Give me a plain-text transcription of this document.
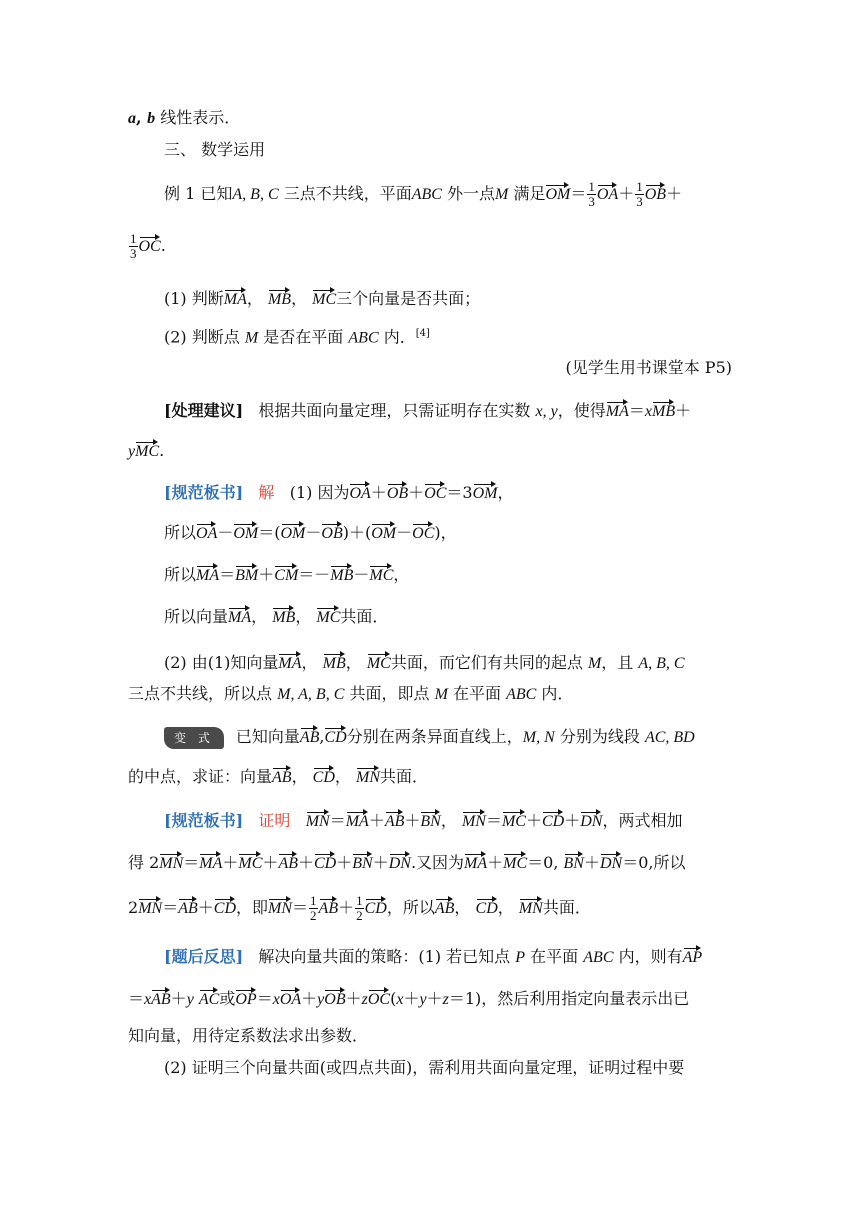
a, b 线性表示．
三、 数学运用
例 1 已知A, B, C 三点不共线，平面ABC 外一点M 满足$OM= \frac{1}{3} OA+ \frac{1}{3} OB+$
$\frac{1}{3}$ OC.
(1) 判断MA， MB， MC三个向量是否共面；
(2) 判断点 M 是否在平面 ABC 内．[4]
(见学生用书课堂本 P5)
[处理建议] 根据共面向量定理，只需证明存在实数 x, y，使得MA＝xMB＋
yMC.
[规范板书] 解 (1) 因为OA＋OB＋OC＝3OM，
所以OA－OM＝(OM－OB)＋(OM－OC)，
所以MA＝BM＋CM＝－MB－MC，
所以向量MA， MB， MC共面．
(2) 由(1)知向量MA， MB， MC共面，而它们有共同的起点 M，且 A, B, C
三点不共线，所以点 M, A, B, C 共面，即点 M 在平面 ABC 内．
变 式 已知向量AB,CD分别在两条异面直线上，M, N 分别为线段 AC, BD
的中点，求证：向量AB， CD， MN共面．
[规范板书] 证明 MN＝MA＋AB＋BN， MN＝MC＋CD＋DN，两式相加
得 2MN＝MA＋MC＋AB＋CD＋BN＋DN.又因为MA＋MC＝0, BN＋DN＝0,所以
2MN＝AB＋CD，即$MN= \frac{1}{2} AB+ \frac{1}{2}$ CD，所以AB， CD， MN共面．
[题后反思] 解决向量共面的策略：(1) 若已知点 P 在平面 ABC 内，则有AP
＝xAB＋y AC或OP＝xOA＋yOB＋zOC(x＋y＋z＝1)，然后利用指定向量表示出已
知向量，用待定系数法求出参数．
(2) 证明三个向量共面(或四点共面)，需利用共面向量定理，证明过程中要
